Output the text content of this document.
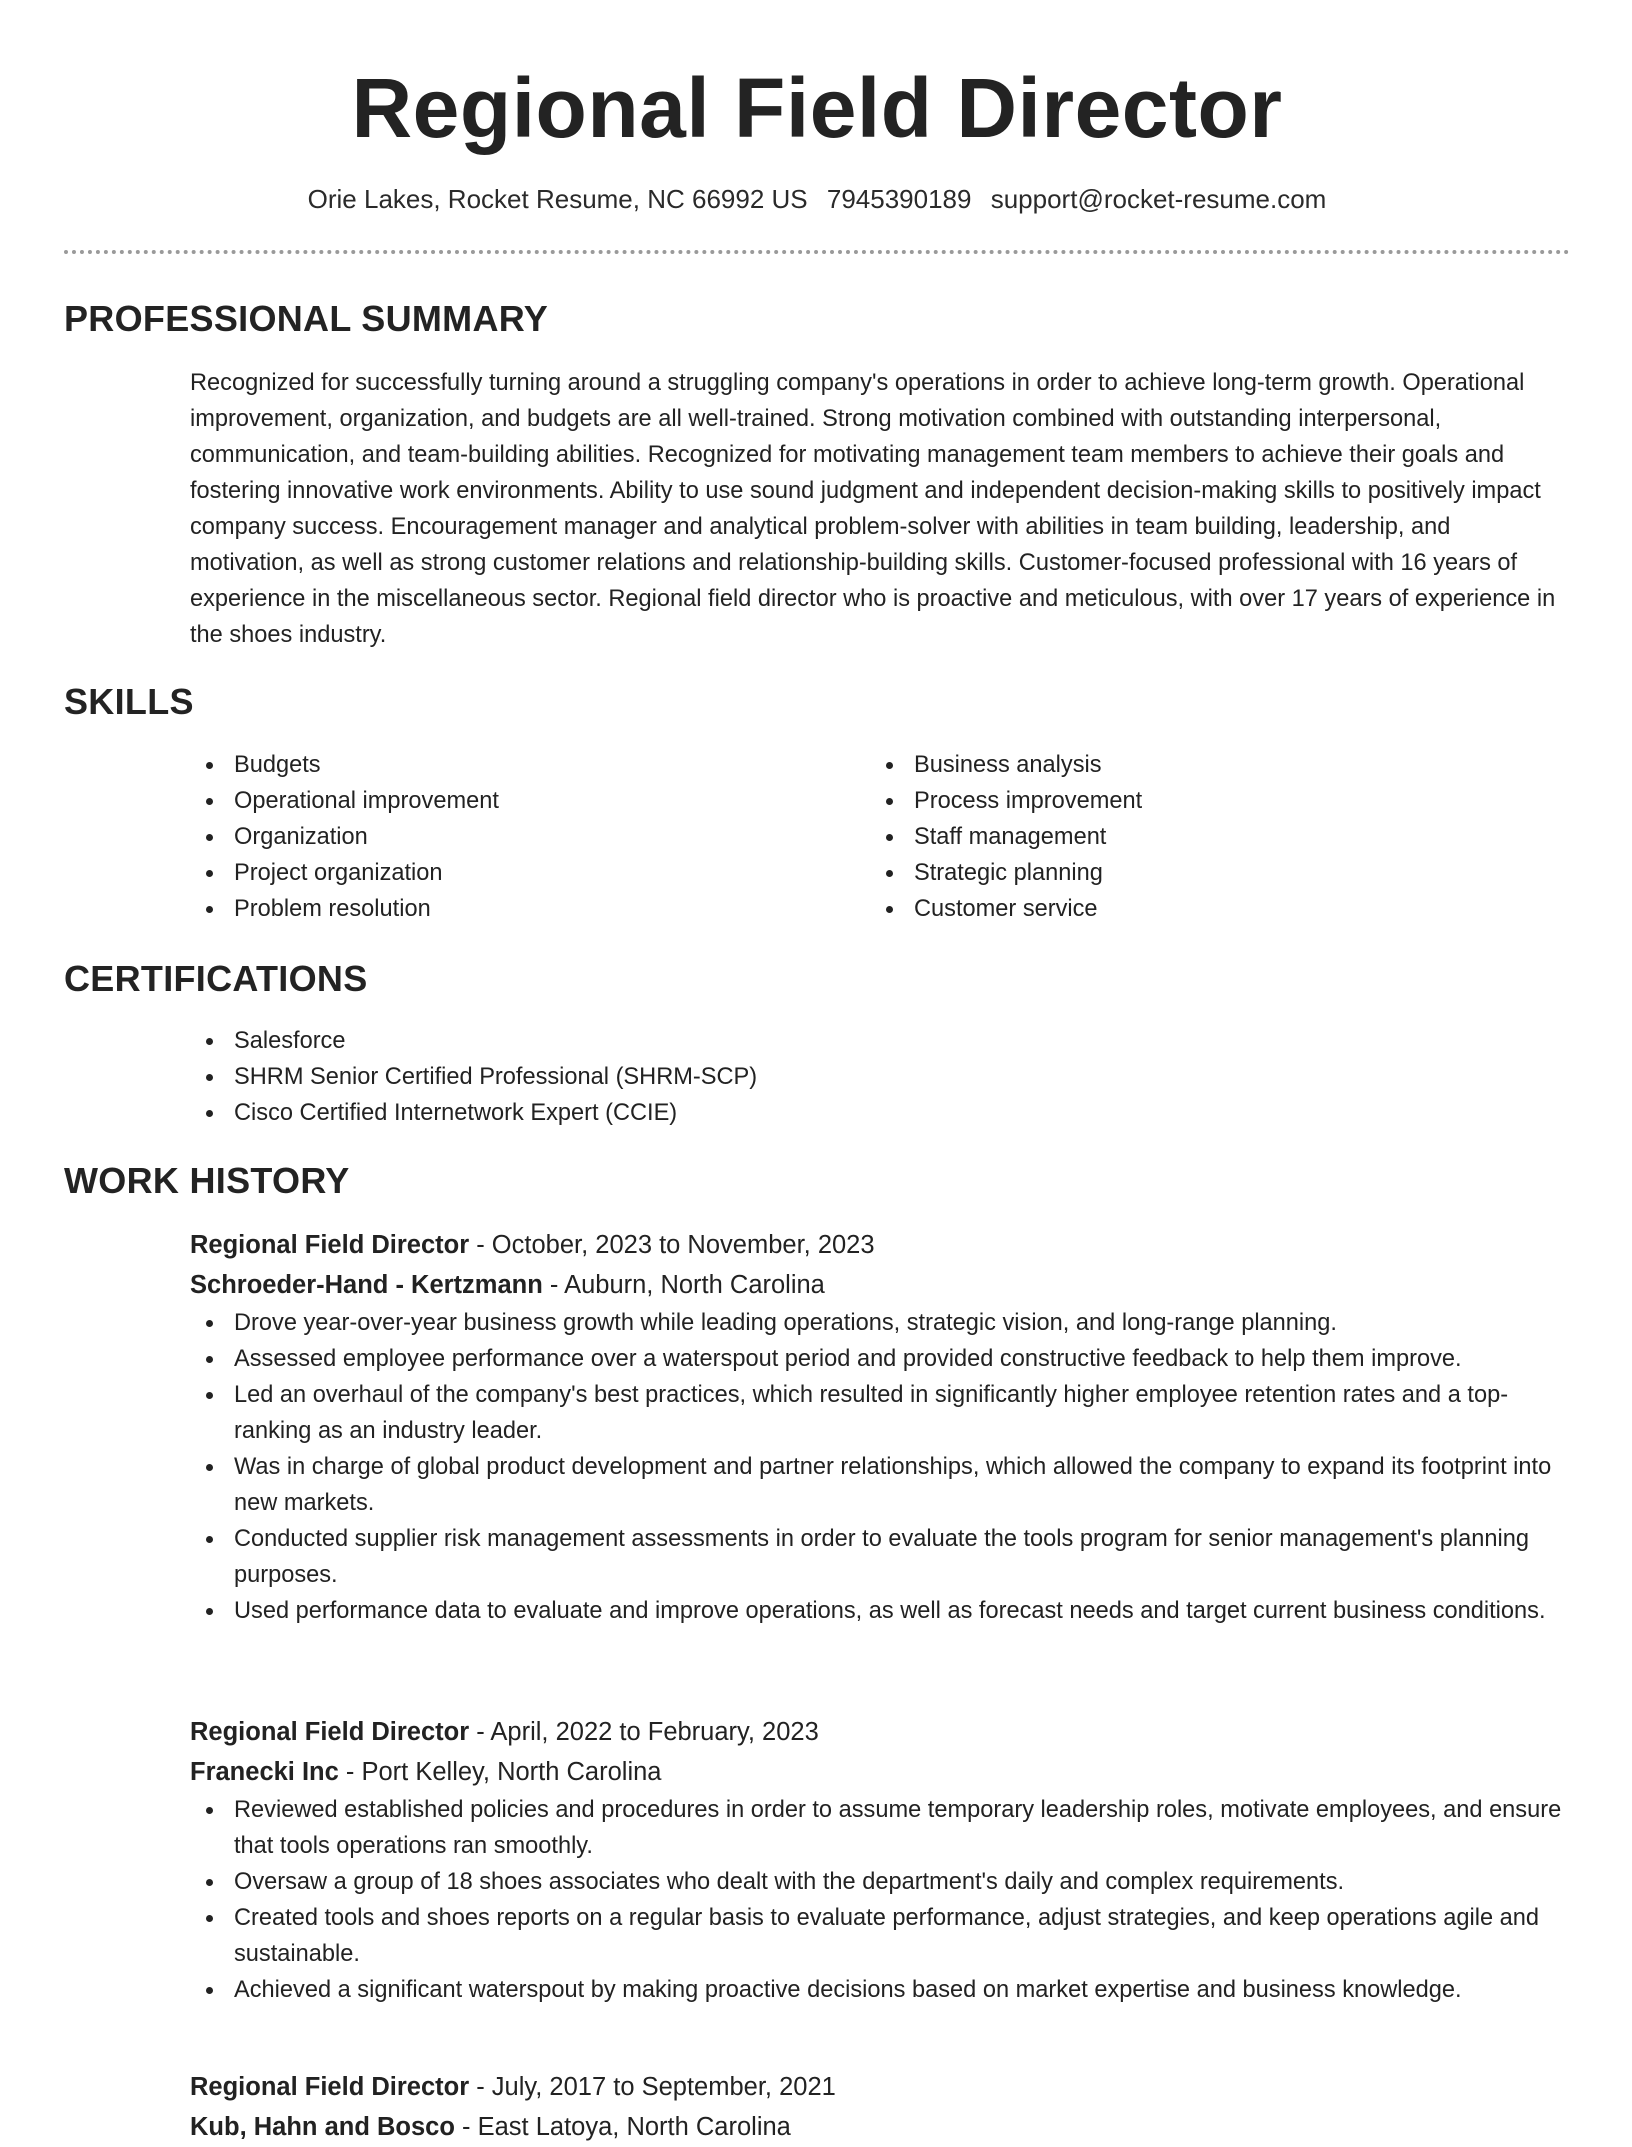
Regional Field Director
Orie Lakes, Rocket Resume, NC 66992 US 7945390189 support@rocket-resume.com
PROFESSIONAL SUMMARY

Recognized for successfully turning around a struggling company's operations in order to achieve long-term growth. Operational improvement, organization, and budgets are all well-trained. Strong motivation combined with outstanding interpersonal, communication, and team-building abilities. Recognized for motivating management team members to achieve their goals and fostering innovative work environments. Ability to use sound judgment and independent decision-making skills to positively impact company success. Encouragement manager and analytical problem-solver with abilities in team building, leadership, and motivation, as well as strong customer relations and relationship-building skills. Customer-focused professional with 16 years of experience in the miscellaneous sector. Regional field director who is proactive and meticulous, with over 17 years of experience in the shoes industry.

SKILLS
Budgets
Operational improvement
Organization
Project organization
Problem resolution
Business analysis
Process improvement
Staff management
Strategic planning
Customer service
CERTIFICATIONS
Salesforce
SHRM Senior Certified Professional (SHRM-SCP)
Cisco Certified Internetwork Expert (CCIE)
WORK HISTORY
Regional Field Director - October, 2023 to November, 2023
Schroeder-Hand - Kertzmann - Auburn, North Carolina
Drove year-over-year business growth while leading operations, strategic vision, and long-range planning.
Assessed employee performance over a waterspout period and provided constructive feedback to help them improve.
Led an overhaul of the company's best practices, which resulted in significantly higher employee retention rates and a top-ranking as an industry leader.
Was in charge of global product development and partner relationships, which allowed the company to expand its footprint into new markets.
Conducted supplier risk management assessments in order to evaluate the tools program for senior management's planning purposes.
Used performance data to evaluate and improve operations, as well as forecast needs and target current business conditions.
Regional Field Director - April, 2022 to February, 2023
Franecki Inc - Port Kelley, North Carolina
Reviewed established policies and procedures in order to assume temporary leadership roles, motivate employees, and ensure that tools operations ran smoothly.
Oversaw a group of 18 shoes associates who dealt with the department's daily and complex requirements.
Created tools and shoes reports on a regular basis to evaluate performance, adjust strategies, and keep operations agile and sustainable.
Achieved a significant waterspout by making proactive decisions based on market expertise and business knowledge.
Regional Field Director - July, 2017 to September, 2021
Kub, Hahn and Bosco - East Latoya, North Carolina
